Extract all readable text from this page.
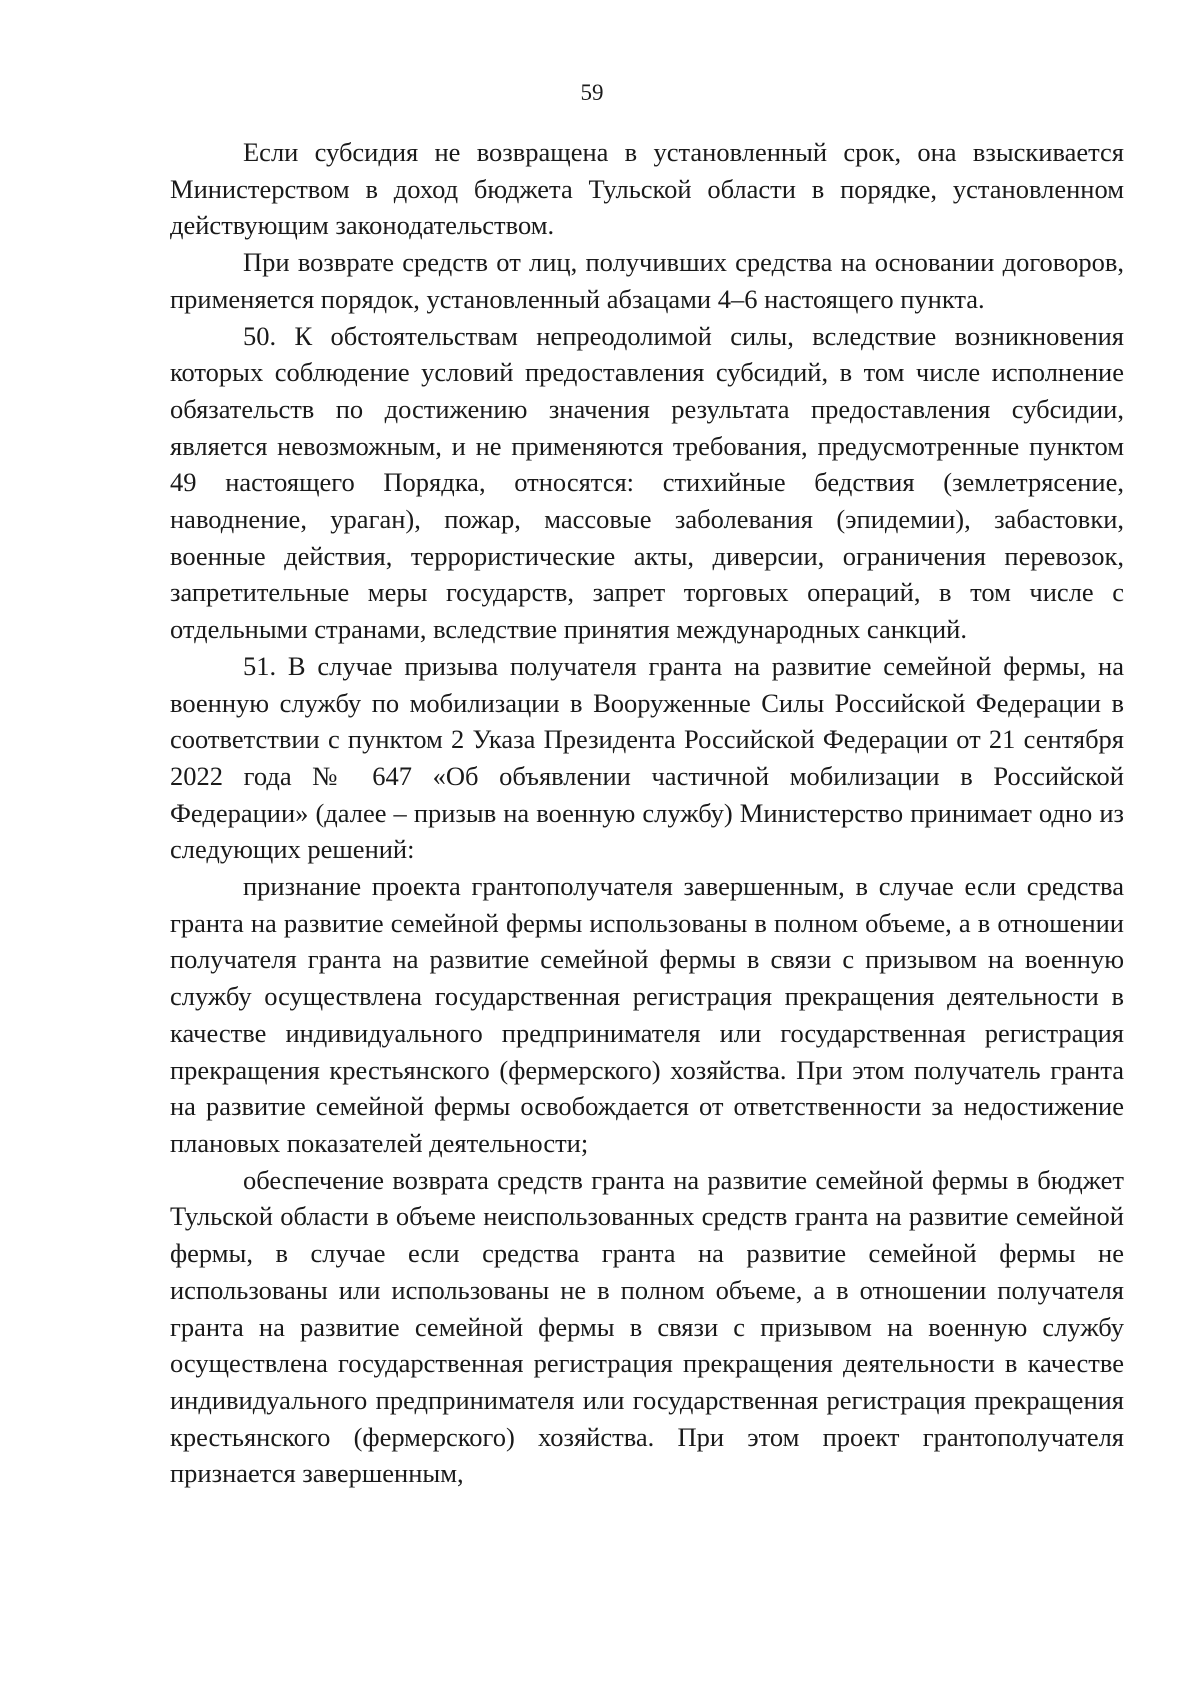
59

Если субсидия не возвращена в установленный срок, она взыскивается Министерством в доход бюджета Тульской области в порядке, установленном действующим законодательством.

При возврате средств от лиц, получивших средства на основании договоров, применяется порядок, установленный абзацами 4–6 настоящего пункта.

50. К обстоятельствам непреодолимой силы, вследствие возникновения которых соблюдение условий предоставления субсидий, в том числе исполнение обязательств по достижению значения результата предоставления субсидии, является невозможным, и не применяются требования, предусмотренные пунктом 49 настоящего Порядка, относятся: стихийные бедствия (землетрясение, наводнение, ураган), пожар, массовые заболевания (эпидемии), забастовки, военные действия, террористические акты, диверсии, ограничения перевозок, запретительные меры государств, запрет торговых операций, в том числе с отдельными странами, вследствие принятия международных санкций.

51. В случае призыва получателя гранта на развитие семейной фермы, на военную службу по мобилизации в Вооруженные Силы Российской Федерации в соответствии с пунктом 2 Указа Президента Российской Федерации от 21 сентября 2022 года № 647 «Об объявлении частичной мобилизации в Российской Федерации» (далее – призыв на военную службу) Министерство принимает одно из следующих решений:

признание проекта грантополучателя завершенным, в случае если средства гранта на развитие семейной фермы использованы в полном объеме, а в отношении получателя гранта на развитие семейной фермы в связи с призывом на военную службу осуществлена государственная регистрация прекращения деятельности в качестве индивидуального предпринимателя или государственная регистрация прекращения крестьянского (фермерского) хозяйства. При этом получатель гранта на развитие семейной фермы освобождается от ответственности за недостижение плановых показателей деятельности;

обеспечение возврата средств гранта на развитие семейной фермы в бюджет Тульской области в объеме неиспользованных средств гранта на развитие семейной фермы, в случае если средства гранта на развитие семейной фермы не использованы или использованы не в полном объеме, а в отношении получателя гранта на развитие семейной фермы в связи с призывом на военную службу осуществлена государственная регистрация прекращения деятельности в качестве индивидуального предпринимателя или государственная регистрация прекращения крестьянского (фермерского) хозяйства. При этом проект грантополучателя признается завершенным,
